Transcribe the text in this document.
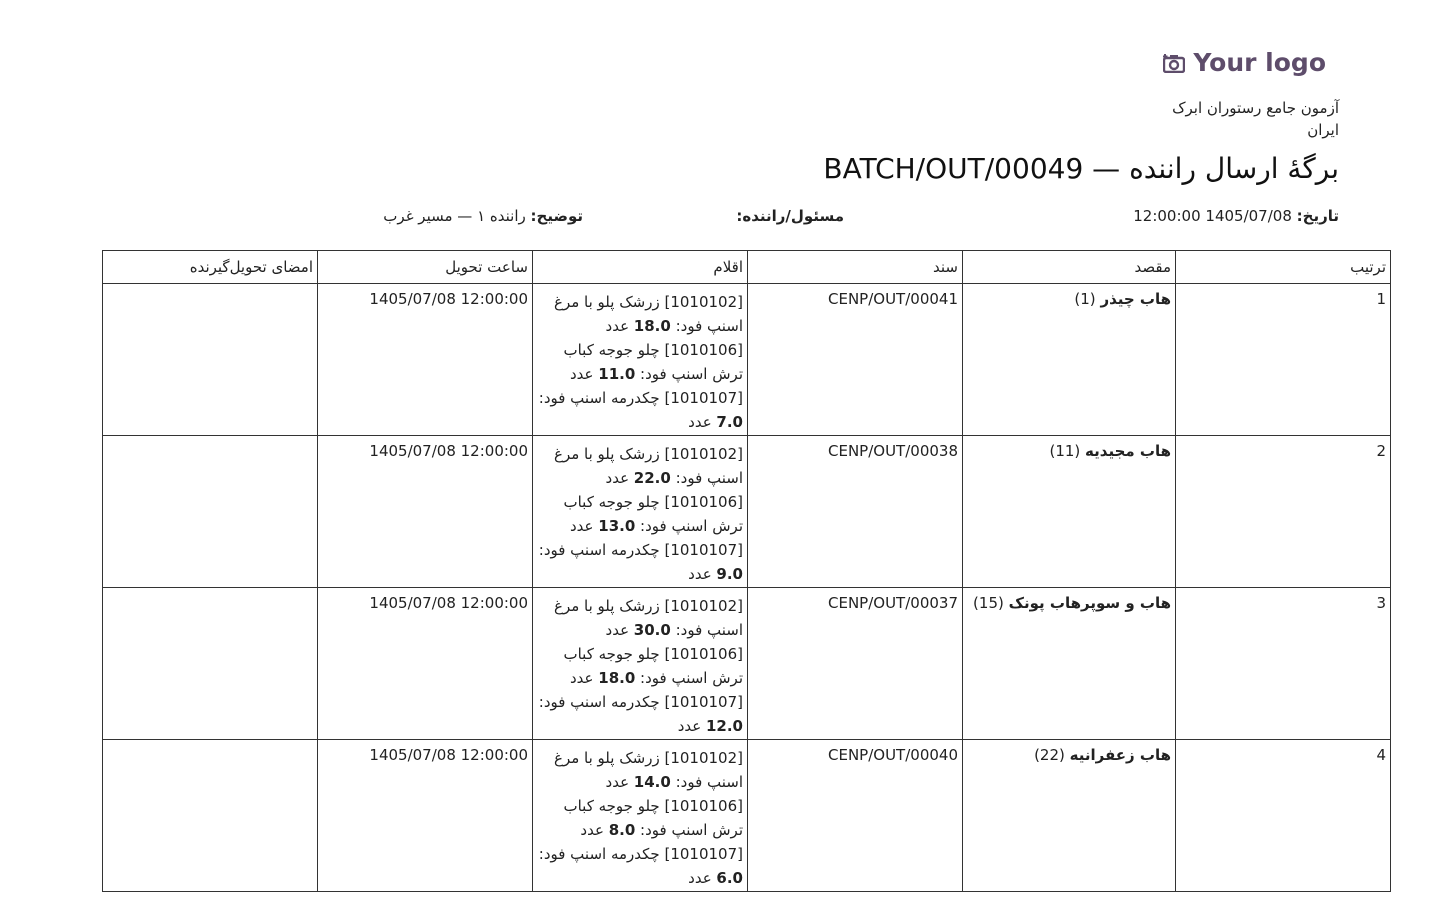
Your logo
آزمون جامع رستوران ابرک
ایران
برگهٔ ارسال راننده — BATCH/OUT/00049
تاریخ: 1405/07/08 12:00:00
مسئول/راننده:
توضیح: راننده ۱ — مسیر غرب
ترتیب	مقصد	سند	اقلام	ساعت تحویل	امضای تحویل‌گیرنده
1	هاب چیذر (1)	CENP/OUT/00041	[1010102] زرشک پلو با مرغ اسنپ فود: 18.0 عدد
[1010106] چلو جوجه کباب ترش اسنپ فود: 11.0 عدد
[1010107] چکدرمه اسنپ فود: 7.0 عدد	1405/07/08 12:00:00	
2	هاب مجیدیه (11)	CENP/OUT/00038	[1010102] زرشک پلو با مرغ اسنپ فود: 22.0 عدد
[1010106] چلو جوجه کباب ترش اسنپ فود: 13.0 عدد
[1010107] چکدرمه اسنپ فود: 9.0 عدد	1405/07/08 12:00:00	
3	هاب و سوپرهاب پونک (15)	CENP/OUT/00037	[1010102] زرشک پلو با مرغ اسنپ فود: 30.0 عدد
[1010106] چلو جوجه کباب ترش اسنپ فود: 18.0 عدد
[1010107] چکدرمه اسنپ فود: 12.0 عدد	1405/07/08 12:00:00	
4	هاب زعفرانیه (22)	CENP/OUT/00040	[1010102] زرشک پلو با مرغ اسنپ فود: 14.0 عدد
[1010106] چلو جوجه کباب ترش اسنپ فود: 8.0 عدد
[1010107] چکدرمه اسنپ فود: 6.0 عدد	1405/07/08 12:00:00	
